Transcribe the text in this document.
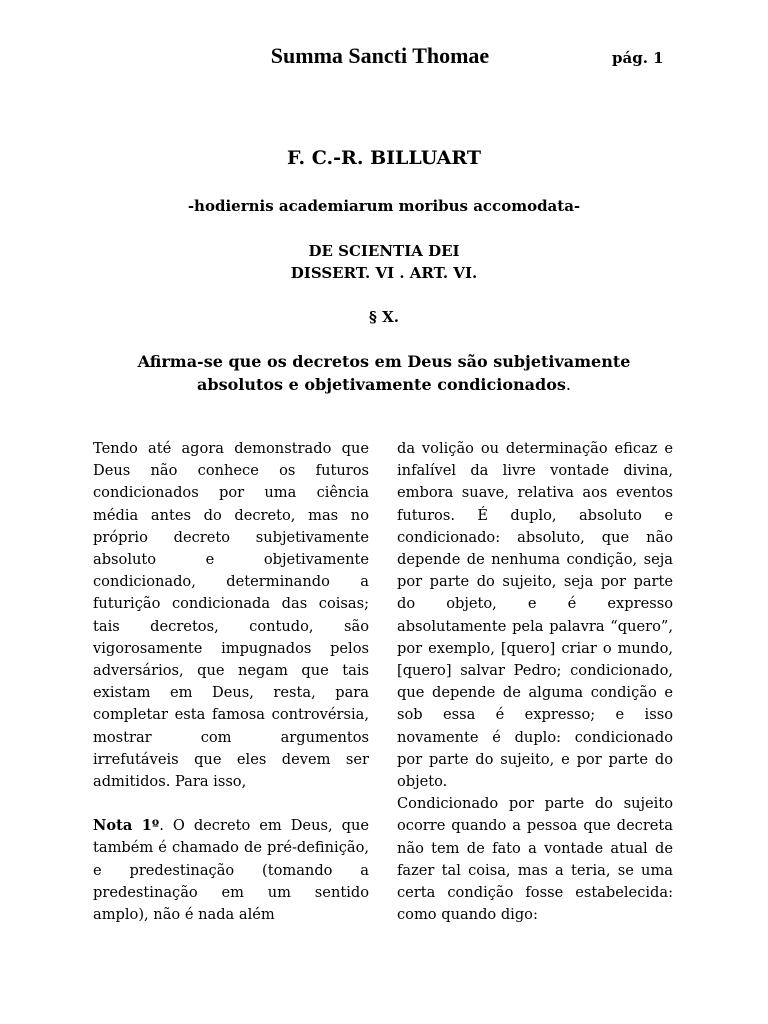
Summa Sancti Thomae	pág. 1
F. C.-R. BILLUART
-hodiernis academiarum moribus accomodata-
DE SCIENTIA DEI
DISSERT. VI . ART. VI.
§ X.
Afirma-se que os decretos em Deus são subjetivamente
absolutos e objetivamente condicionados.

Tendo até agora demonstrado que Deus não conhece os futuros condicionados por uma ciência média antes do decreto, mas no próprio decreto subjetivamente absoluto e objetivamente condicionado, determinando a futurição condicionada das coisas; tais decretos, contudo, são vigorosamente impugnados pelos adversários, que negam que tais existam em Deus, resta, para completar esta famosa controvérsia, mostrar com argumentos irrefutáveis que eles devem ser admitidos. Para isso,

Nota 1º. O decreto em Deus, que também é chamado de pré-definição, e predestinação (tomando a predestinação em um sentido amplo), não é nada além

da volição ou determinação eficaz e infalível da livre vontade divina, embora suave, relativa aos eventos futuros. É duplo, absoluto e condicionado: absoluto, que não depende de nenhuma condição, seja por parte do sujeito, seja por parte do objeto, e é expresso absolutamente pela palavra “quero”, por exemplo, [quero] criar o mundo, [quero] salvar Pedro; condicionado, que depende de alguma condição e sob essa é expresso; e isso novamente é duplo: condicionado por parte do sujeito, e por parte do objeto.

Condicionado por parte do sujeito ocorre quando a pessoa que decreta não tem de fato a vontade atual de fazer tal coisa, mas a teria, se uma certa condição fosse estabelecida: como quando digo:
